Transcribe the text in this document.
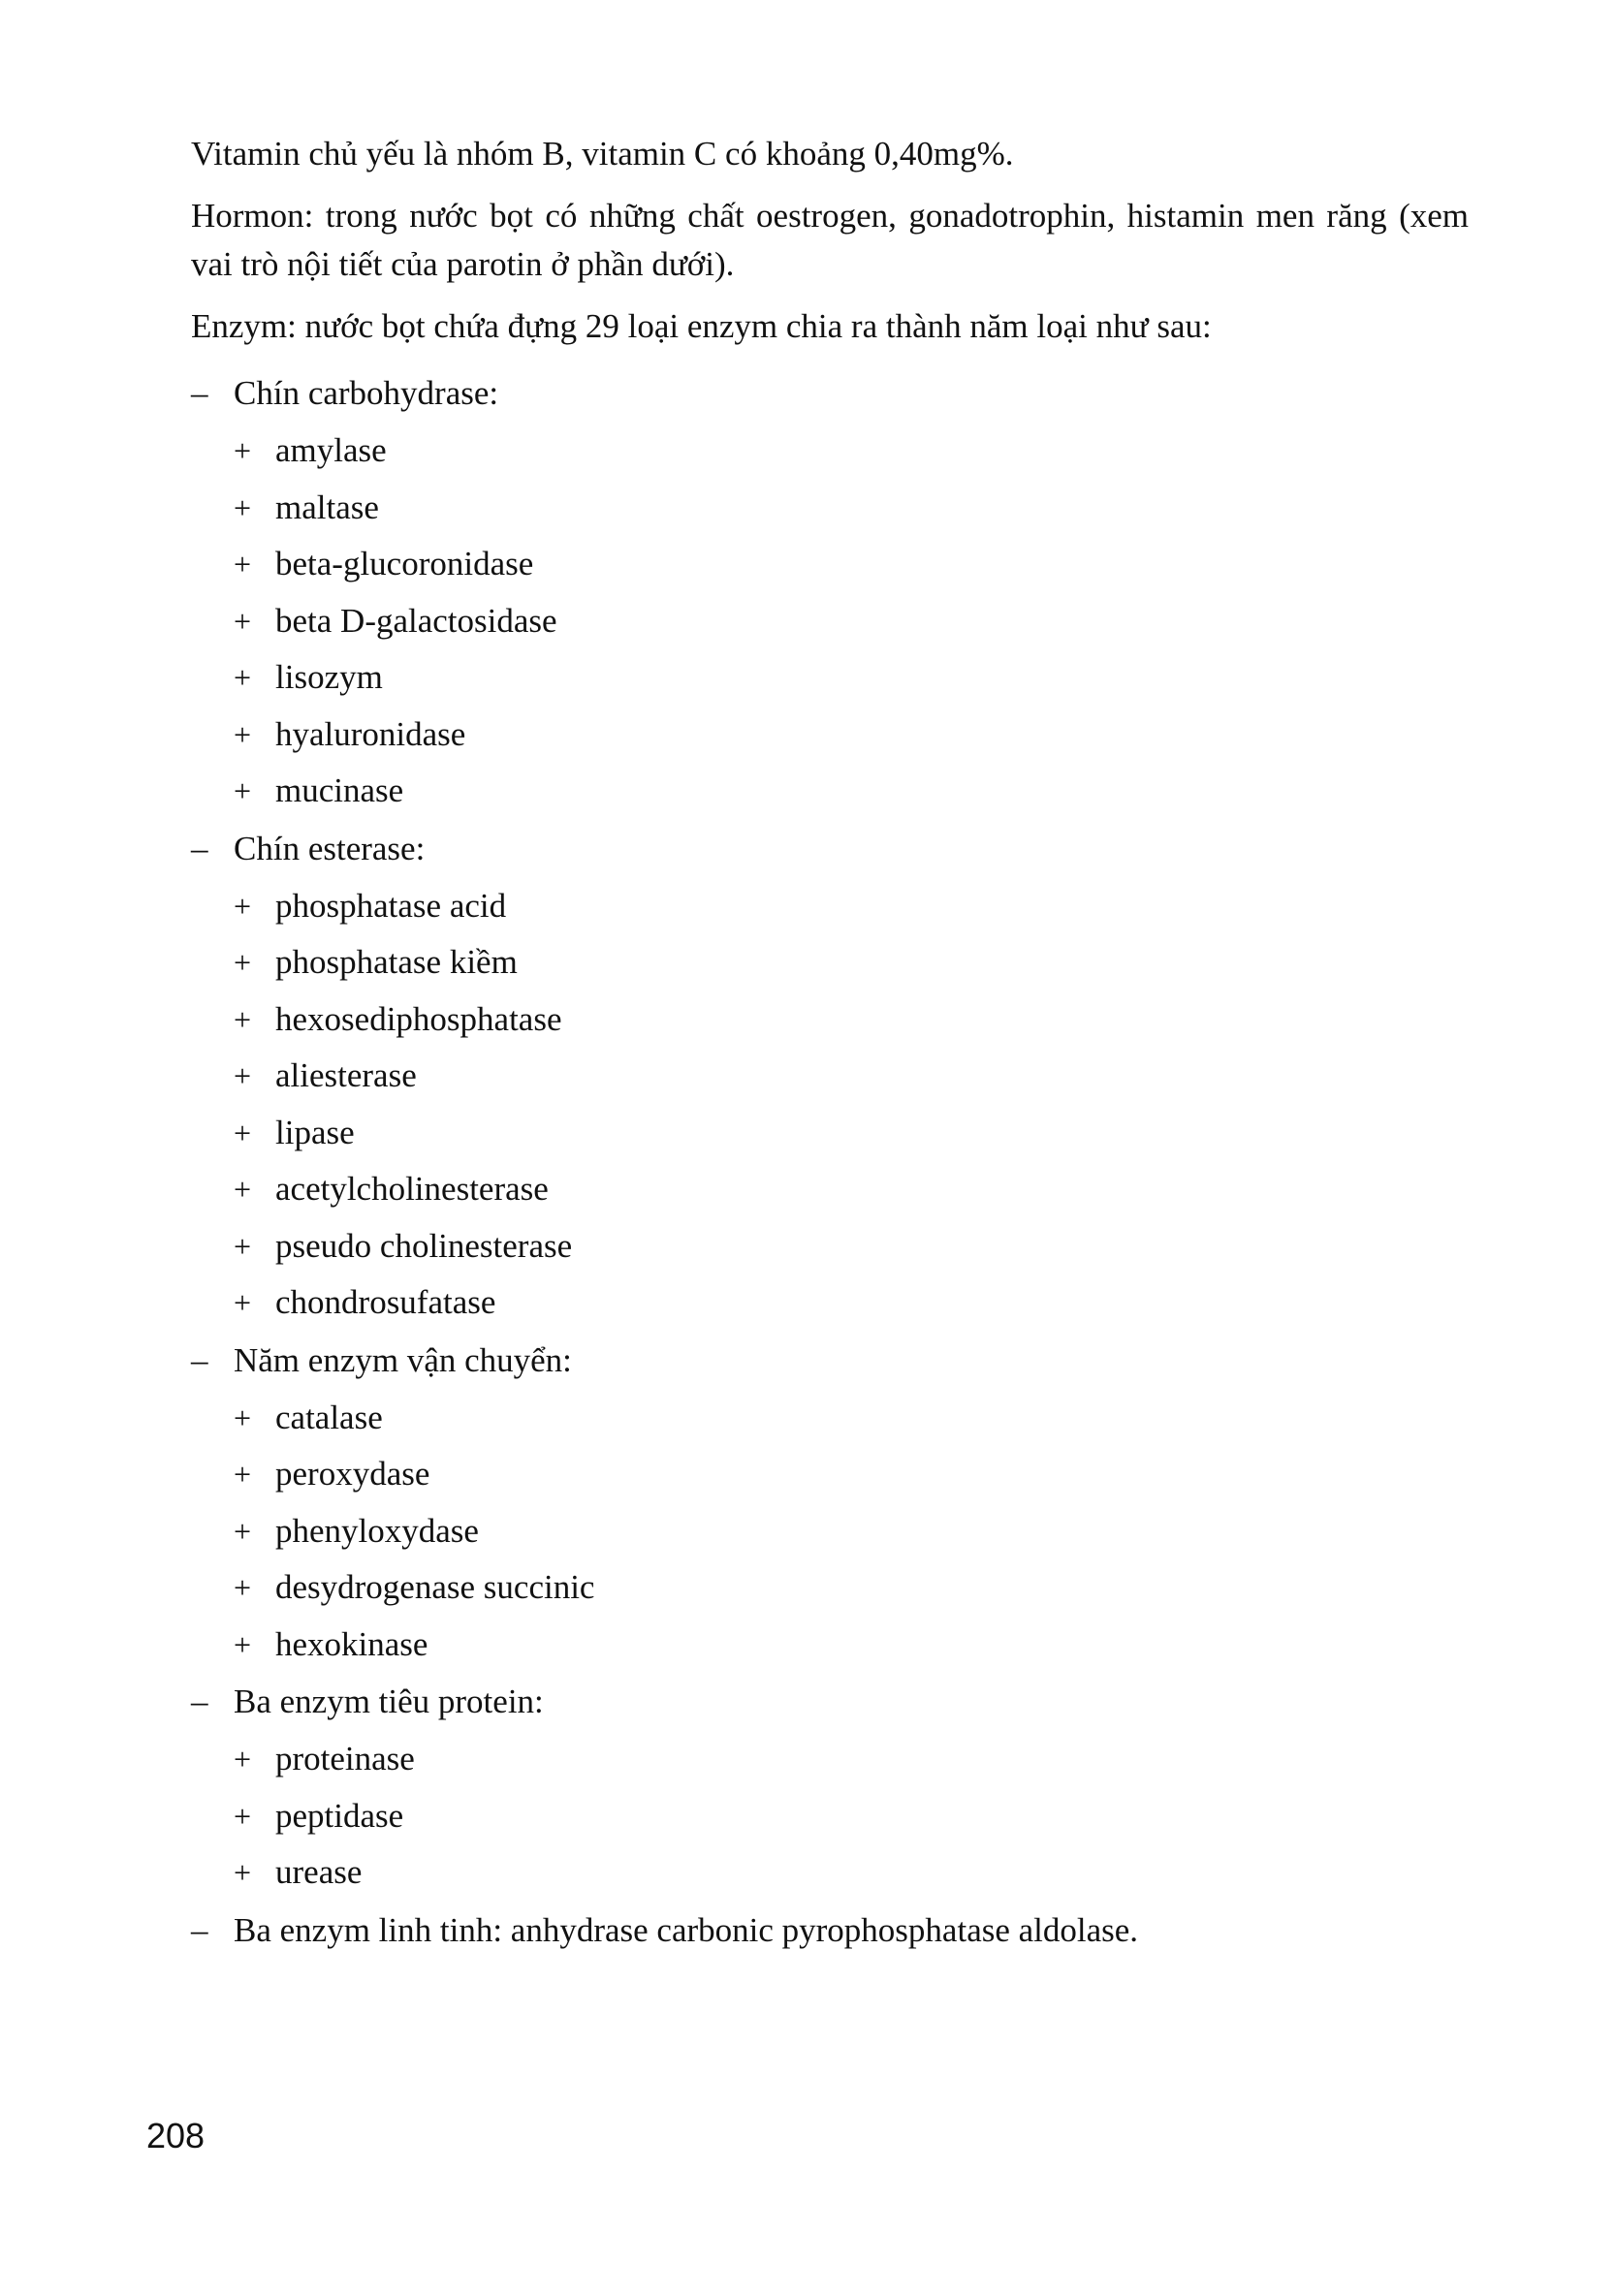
Vitamin chủ yếu là nhóm B, vitamin C có khoảng 0,40mg%.

Hormon: trong nước bọt có những chất oestrogen, gonadotrophin, histamin men răng (xem vai trò nội tiết của parotin ở phần dưới).

Enzym: nước bọt chứa đựng 29 loại enzym chia ra thành năm loại như sau:

– Chín carbohydrase:
+ amylase
+ maltase
+ beta-glucoronidase
+ beta D-galactosidase
+ lisozym
+ hyaluronidase
+ mucinase
– Chín esterase:
+ phosphatase acid
+ phosphatase kiềm
+ hexosediphosphatase
+ aliesterase
+ lipase
+ acetylcholinesterase
+ pseudo cholinesterase
+ chondrosufatase
– Năm enzym vận chuyển:
+ catalase
+ peroxydase
+ phenyloxydase
+ desydrogenase succinic
+ hexokinase
– Ba enzym tiêu protein:
+ proteinase
+ peptidase
+ urease
– Ba enzym linh tinh: anhydrase carbonic pyrophosphatase aldolase.
208
